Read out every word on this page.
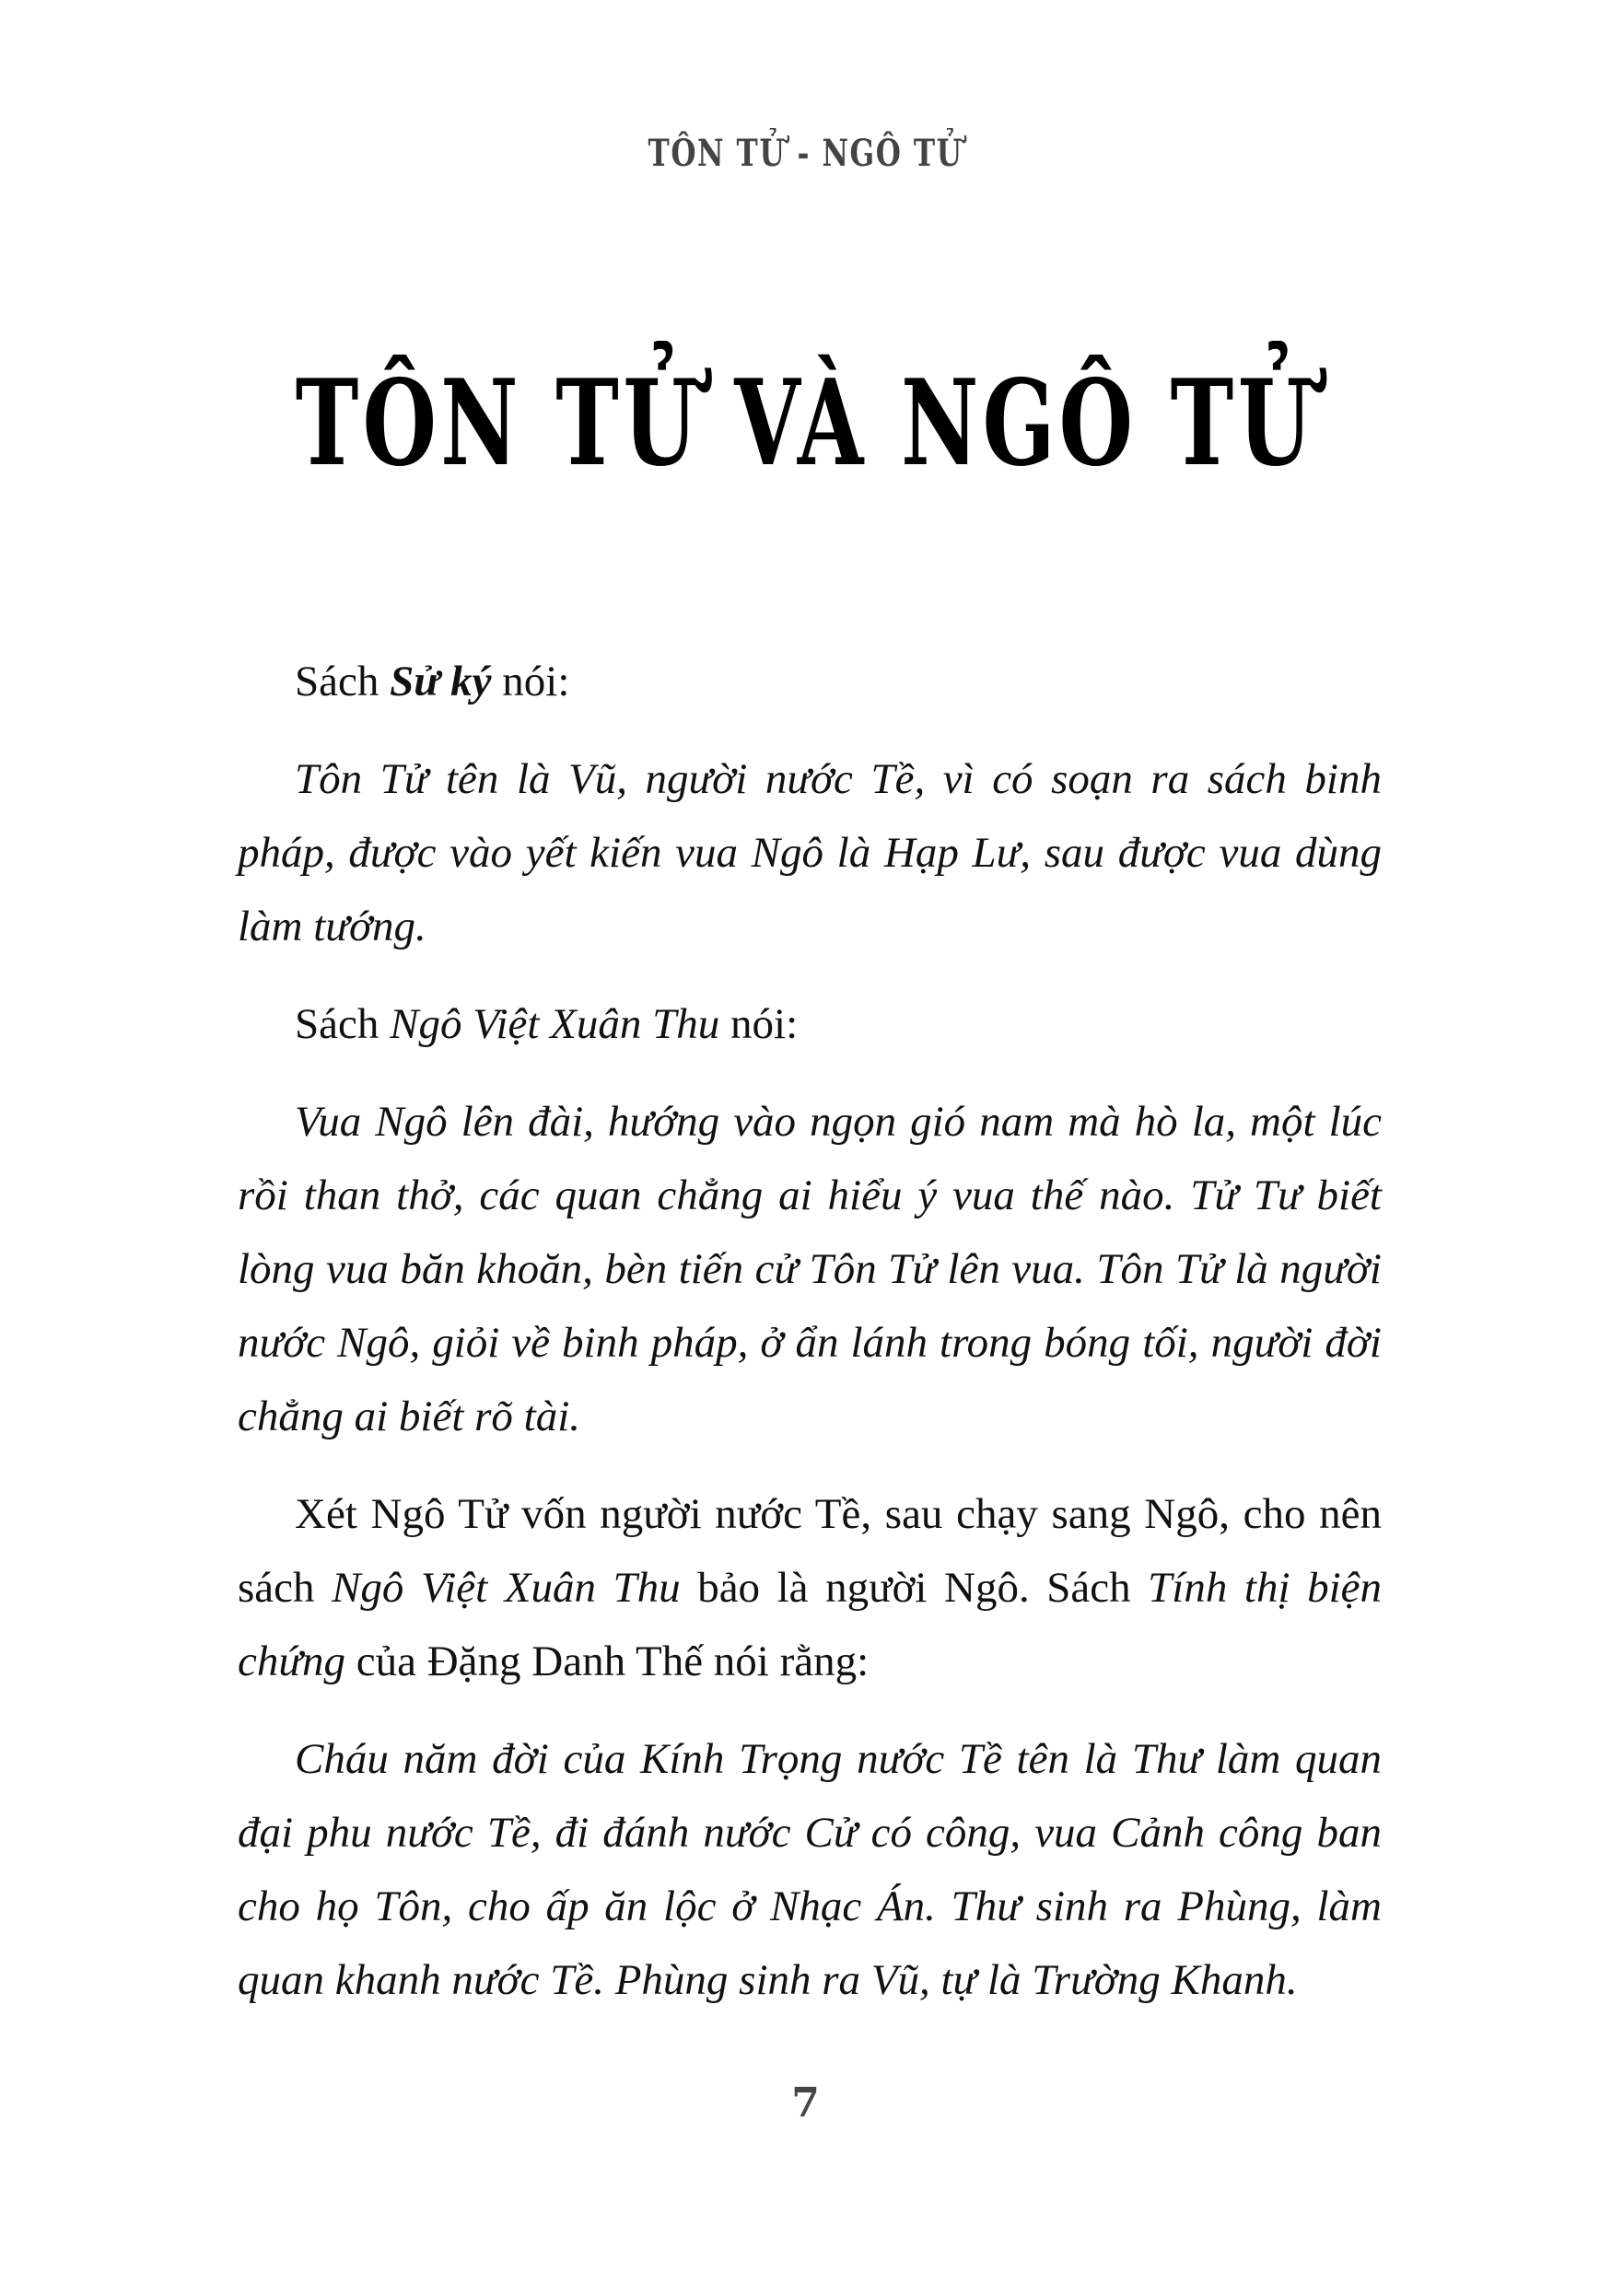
TÔN TỬ - NGÔ TỬ
TÔN TỬ VÀ NGÔ TỬ

Sách Sử ký nói:

Tôn Tử tên là Vũ, người nước Tề, vì có soạn ra sách binh pháp, được vào yết kiến vua Ngô là Hạp Lư, sau được vua dùng làm tướng.

Sách Ngô Việt Xuân Thu nói:

Vua Ngô lên đài, hướng vào ngọn gió nam mà hò la, một lúc rồi than thở, các quan chẳng ai hiểu ý vua thế nào. Tử Tư biết lòng vua băn khoăn, bèn tiến cử Tôn Tử lên vua. Tôn Tử là người nước Ngô, giỏi về binh pháp, ở ẩn lánh trong bóng tối, người đời chẳng ai biết rõ tài.

Xét Ngô Tử vốn người nước Tề, sau chạy sang Ngô, cho nên sách Ngô Việt Xuân Thu bảo là người Ngô. Sách Tính thị biện chứng của Đặng Danh Thế nói rằng:

Cháu năm đời của Kính Trọng nước Tề tên là Thư làm quan đại phu nước Tề, đi đánh nước Cử có công, vua Cảnh công ban cho họ Tôn, cho ấp ăn lộc ở Nhạc Án. Thư sinh ra Phùng, làm quan khanh nước Tề. Phùng sinh ra Vũ, tự là Trường Khanh.

7
